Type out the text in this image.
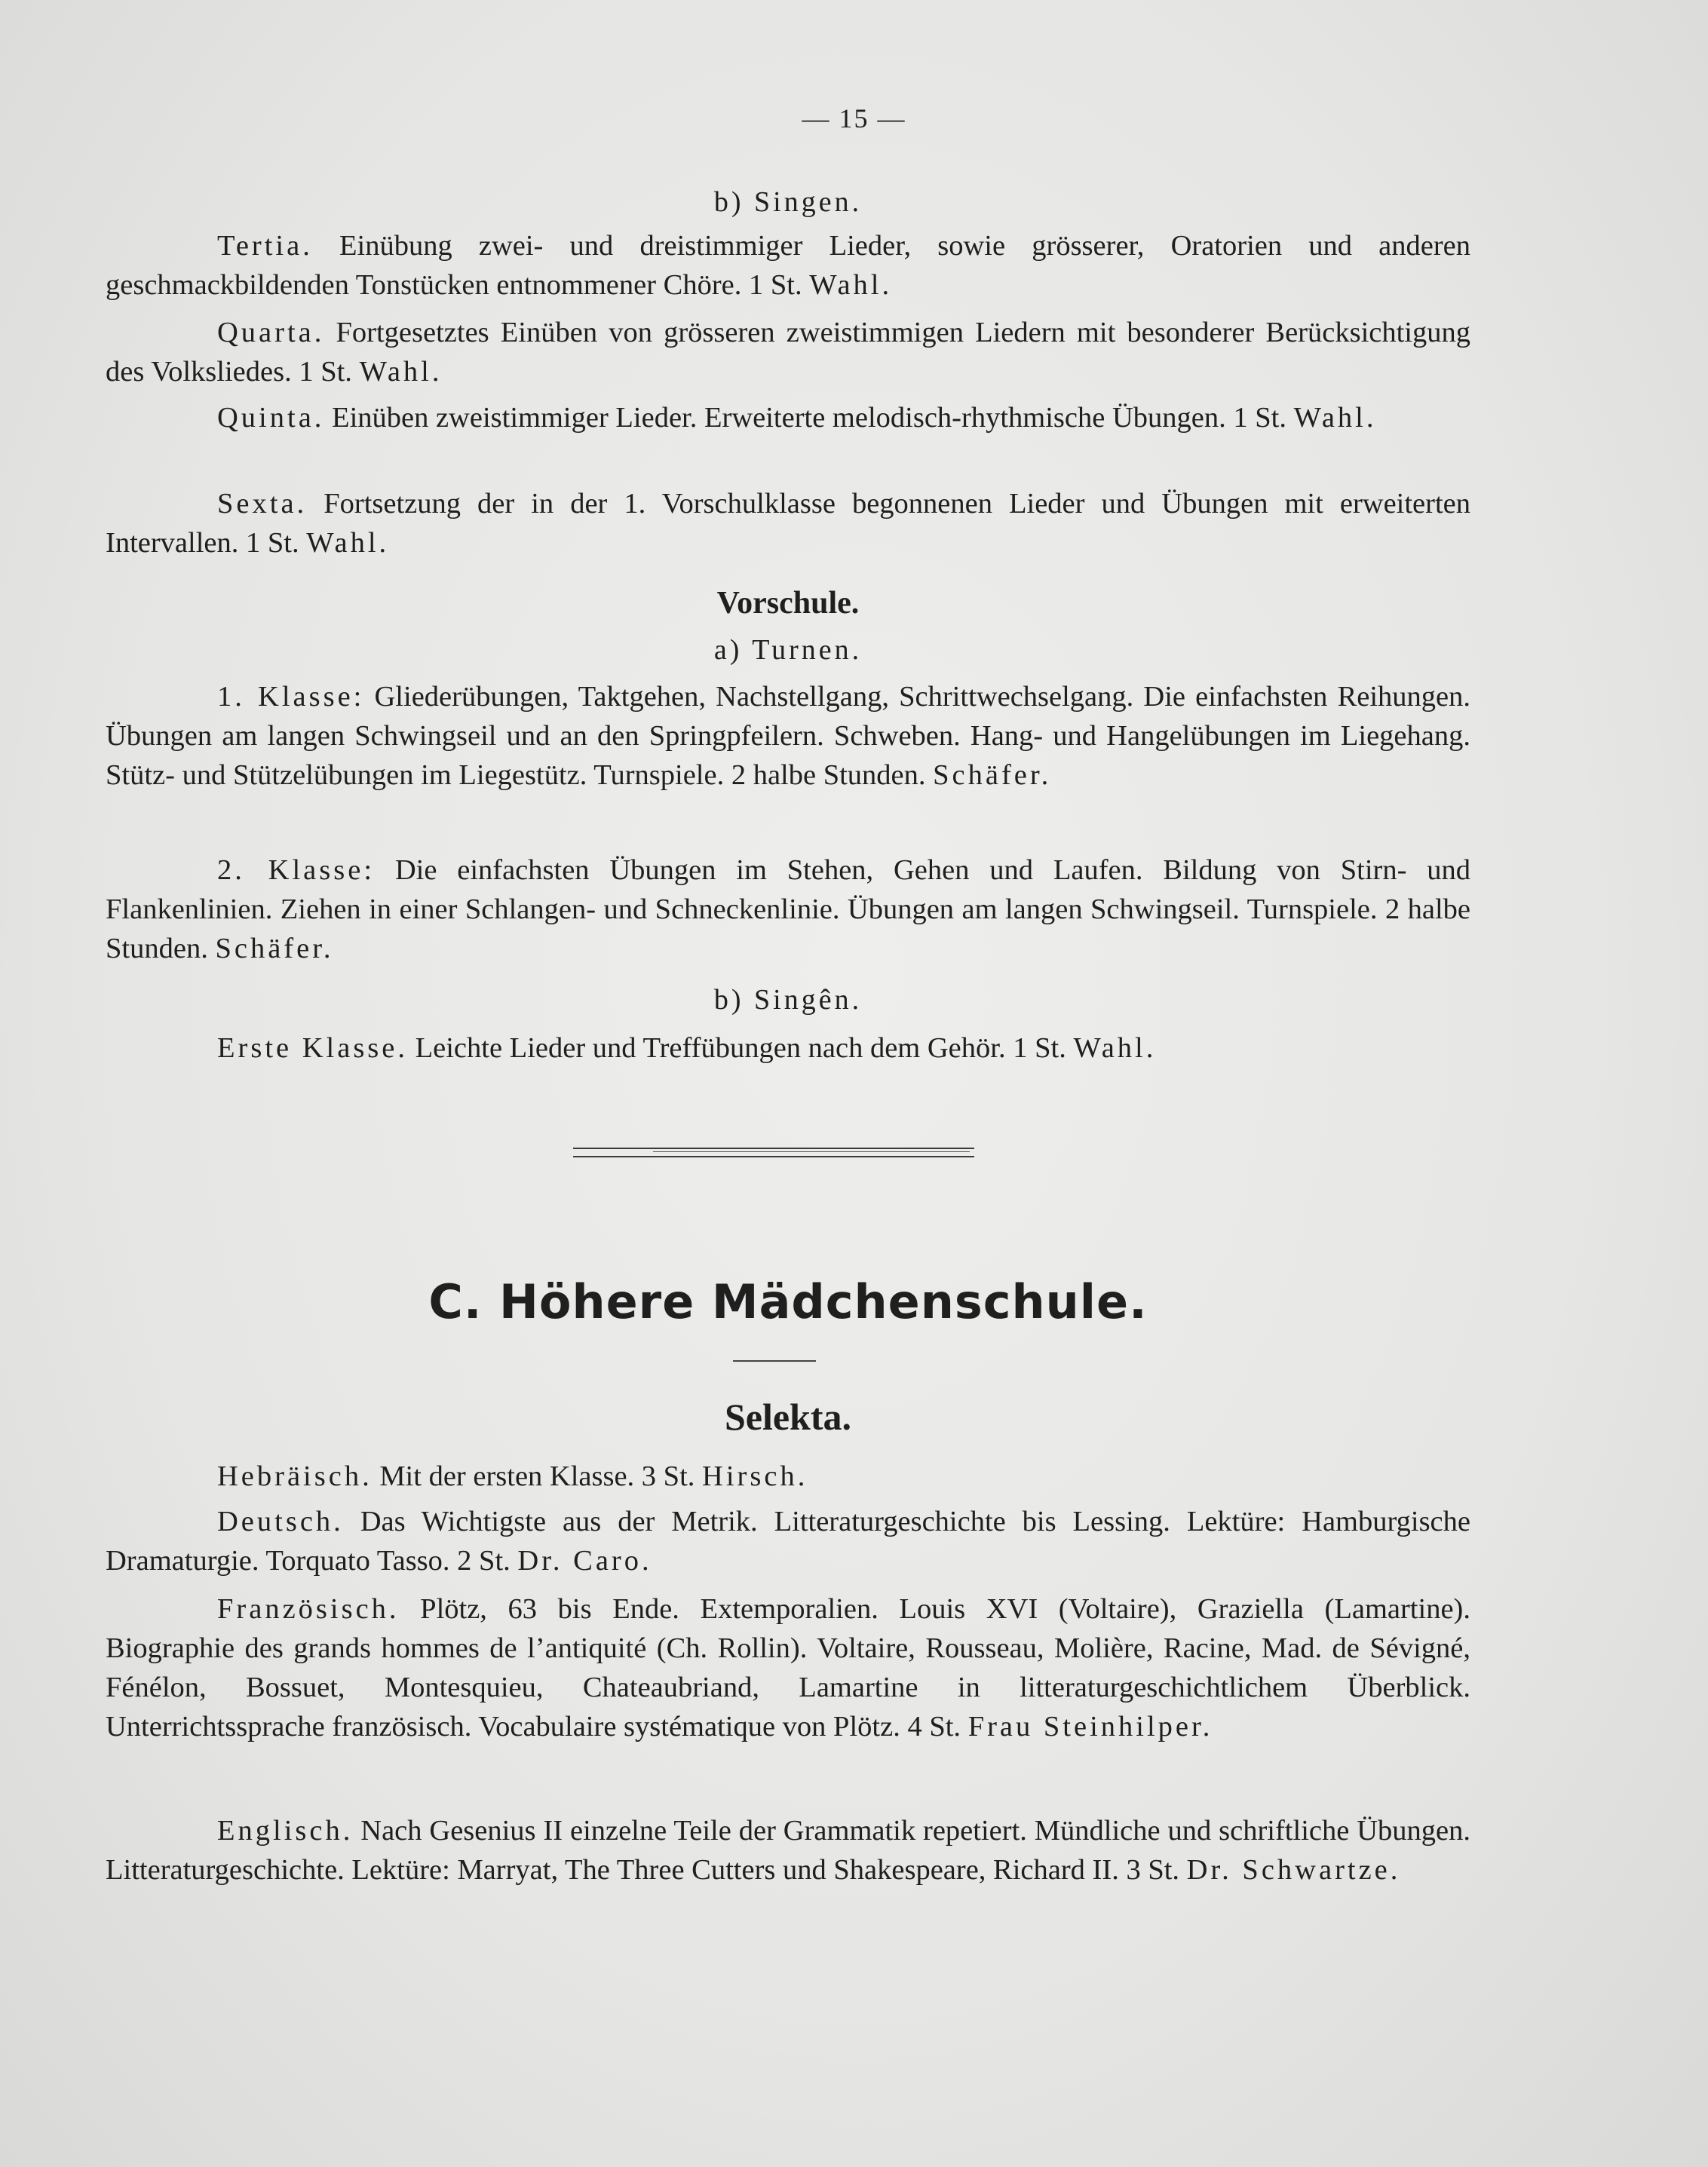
— 15 —
b) Singen.
Tertia. Einübung zwei- und dreistimmiger Lieder, sowie grösserer, Oratorien und anderen geschmackbildenden Tonstücken entnommener Chöre. 1 St. Wahl.
Quarta. Fortgesetztes Einüben von grösseren zweistimmigen Liedern mit besonderer Berücksichtigung des Volksliedes. 1 St. Wahl.
Quinta. Einüben zweistimmiger Lieder. Erweiterte melodisch-rhythmische Übungen. 1 St. Wahl.
Sexta. Fortsetzung der in der 1. Vorschulklasse begonnenen Lieder und Übungen mit erweiterten Intervallen. 1 St. Wahl.
Vorschule.
a) Turnen.
1. Klasse: Gliederübungen, Taktgehen, Nachstellgang, Schrittwechselgang. Die einfachsten Reihungen. Übungen am langen Schwingseil und an den Springpfeilern. Schweben. Hang- und Hangelübungen im Liegehang. Stütz- und Stützelübungen im Liegestütz. Turnspiele. 2 halbe Stunden. Schäfer.
2. Klasse: Die einfachsten Übungen im Stehen, Gehen und Laufen. Bildung von Stirn- und Flankenlinien. Ziehen in einer Schlangen- und Schneckenlinie. Übungen am langen Schwingseil. Turnspiele. 2 halbe Stunden. Schäfer.
b) Singên.
Erste Klasse. Leichte Lieder und Treffübungen nach dem Gehör. 1 St. Wahl.
C. Höhere Mädchenschule.
Selekta.
Hebräisch. Mit der ersten Klasse. 3 St. Hirsch.
Deutsch. Das Wichtigste aus der Metrik. Litteraturgeschichte bis Lessing. Lektüre: Hamburgische Dramaturgie. Torquato Tasso. 2 St. Dr. Caro.
Französisch. Plötz, 63 bis Ende. Extemporalien. Louis XVI (Voltaire), Graziella (Lamartine). Biographie des grands hommes de l’antiquité (Ch. Rollin). Voltaire, Rousseau, Molière, Racine, Mad. de Sévigné, Fénélon, Bossuet, Montesquieu, Chateaubriand, Lamartine in litteraturgeschichtlichem Überblick. Unterrichtssprache französisch. Vocabulaire systématique von Plötz. 4 St. Frau Steinhilper.
Englisch. Nach Gesenius II einzelne Teile der Grammatik repetiert. Mündliche und schriftliche Übungen. Litteraturgeschichte. Lektüre: Marryat, The Three Cutters und Shakespeare, Richard II. 3 St. Dr. Schwartze.
